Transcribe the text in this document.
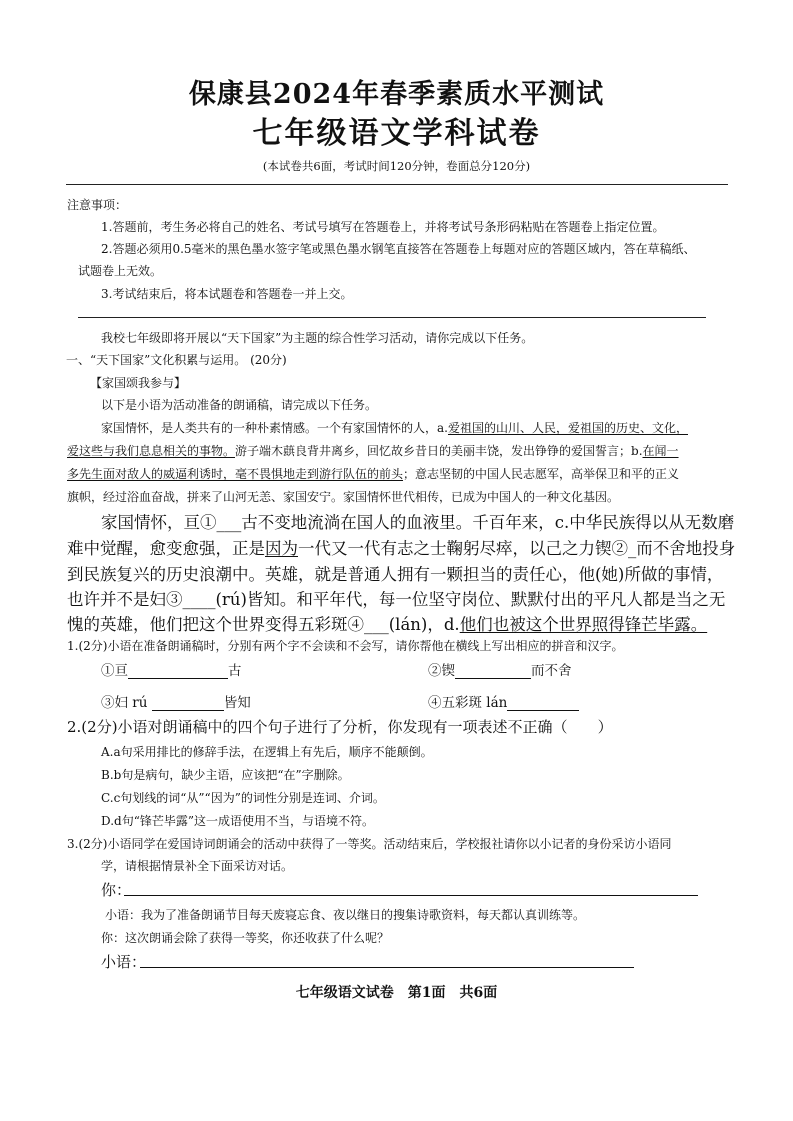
保康县2024年春季素质水平测试
七年级语文学科试卷
(本试卷共6面，考试时间120分钟，卷面总分120分)
注意事项：
1.答题前，考生务必将自己的姓名、考试号填写在答题卷上，并将考试号条形码粘贴在答题卷上指定位置。
2.答题必须用0.5毫米的黑色墨水签字笔或黑色墨水钢笔直接答在答题卷上每题对应的答题区域内，答在草稿纸、
试题卷上无效。
3.考试结束后，将本试题卷和答题卷一并上交。
我校七年级即将开展以“天下国家”为主题的综合性学习活动，请你完成以下任务。
一、“天下国家”文化积累与运用。 (20分)
【家国颂我参与】
以下是小语为活动准备的朗诵稿，请完成以下任务。
家国情怀，是人类共有的一种朴素情感。一个有家国情怀的人，a.爱祖国的山川、人民，爱祖国的历史、文化，
爱这些与我们息息相关的事物。游子端木蕻良背井离乡，回忆故乡昔日的美丽丰饶，发出铮铮的爱国誓言；b.在闻一
多先生面对敌人的威逼利诱时，毫不畏惧地走到游行队伍的前头；意志坚韧的中国人民志愿军，高举保卫和平的正义
旗帜，经过浴血奋战，拼来了山河无恙、家国安宁。家国情怀世代相传，已成为中国人的一种文化基因。
家国情怀，亘①___古不变地流淌在国人的血液里。千百年来，c.中华民族得以从无数磨
难中觉醒，愈变愈强，正是因为一代又一代有志之士鞠躬尽瘁，以己之力锲②_而不舍地投身
到民族复兴的历史浪潮中。英雄，就是普通人拥有一颗担当的责任心，他(她)所做的事情，
也许并不是妇③____(rú)皆知。和平年代，每一位坚守岗位、默默付出的平凡人都是当之无
愧的英雄，他们把这个世界变得五彩斑④___(lán)，d.他们也被这个世界照得锋芒毕露。
1.(2分)小语在准备朗诵稿时，分别有两个字不会读和不会写，请你帮他在横线上写出相应的拼音和汉字。
①亘	古	②锲	而不舍
③妇 rú	皆知	④五彩斑 lán
2.(2分)小语对朗诵稿中的四个句子进行了分析，你发现有一项表述不正确（　　）
A.a句采用排比的修辞手法，在逻辑上有先后，顺序不能颠倒。
B.b句是病句，缺少主语，应该把“在”字删除。
C.c句划线的词“从”“因为”的词性分别是连词、介词。
D.d句“锋芒毕露”这一成语使用不当，与语境不符。
3.(2分)小语同学在爱国诗词朗诵会的活动中获得了一等奖。活动结束后，学校报社请你以小记者的身份采访小语同
学，请根据情景补全下面采访对话。
你：
小语：我为了准备朗诵节目每天废寝忘食、夜以继日的搜集诗歌资料，每天都认真训练等。
你：这次朗诵会除了获得一等奖，你还收获了什么呢？
小语：
七年级语文试卷　第1面　共6面
